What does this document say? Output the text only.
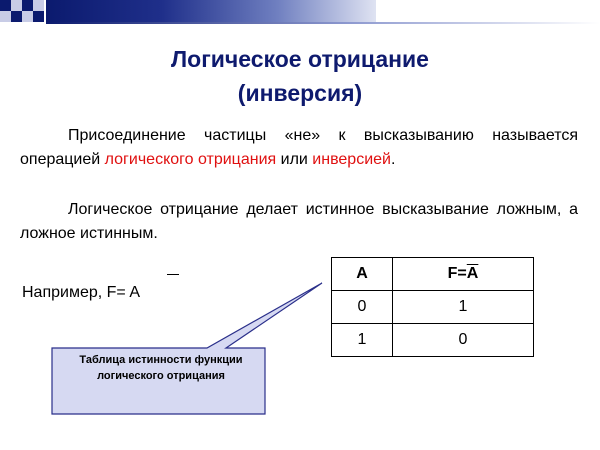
Логическое отрицание
(инверсия)
Присоединение частицы «не» к высказыванию называется операцией логического отрицания или инверсией.
Логическое отрицание делает истинное высказывание ложным, а ложное истинным.
Например, F= A
Таблица истинности функции логического отрицания
A	$F=\overline{A}$
0	1
1	0
